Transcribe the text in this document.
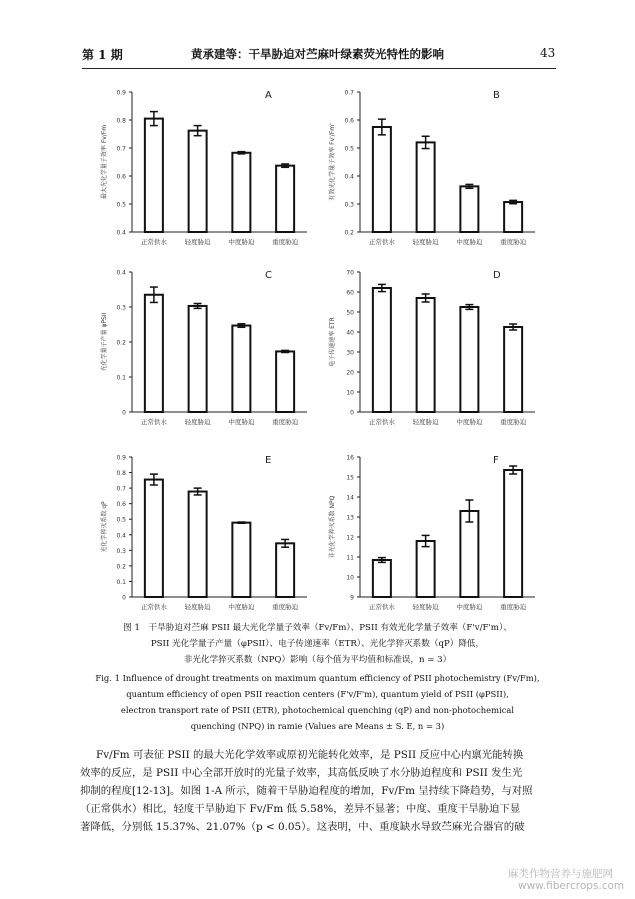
第 1 期	黄承建等：干旱胁迫对苎麻叶绿素荧光特性的影响	43
0.4
0.5
0.6
0.7
0.8
0.9	A
最大光化学量子效率 Fv/Fm
正常供水	轻度胁迫	中度胁迫	重度胁迫
0.2
0.3
0.4
0.5
0.6
0.7	B
有效光化学量子效率 Fv'/Fm'
正常供水	轻度胁迫	中度胁迫	重度胁迫
0
0.1
0.2
0.3
0.4	C
光化学量子产量 φPSII
正常供水	轻度胁迫	中度胁迫	重度胁迫
0
10
20
30
40
50
60
70	D
电子传递速率 ETR
正常供水	轻度胁迫	中度胁迫	重度胁迫
0
0.1
0.2
0.3
0.4
0.5
0.6
0.7
0.8
0.9	E
光化学猝灭系数 qP
正常供水	轻度胁迫	中度胁迫	重度胁迫
9
10
11
12
13
14
15
16	F
非光化学猝灭系数 NPQ
正常供水	轻度胁迫	中度胁迫	重度胁迫
图 1　干旱胁迫对苎麻 PSII 最大光化学量子效率（Fv/Fm）、PSII 有效光化学量子效率（F'v/F'm）、
PSII 光化学量子产量（φPSII）、电子传递速率（ETR）、光化学猝灭系数（qP）降低，
非光化学猝灭系数（NPQ）影响（每个值为平均值和标准误，n = 3）
Fig. 1 Influence of drought treatments on maximum quantum efficiency of PSII photochemistry (Fv/Fm),
quantum efficiency of open PSII reaction centers (F'v/F'm), quantum yield of PSII (φPSII),
electron transport rate of PSII (ETR), photochemical quenching (qP) and non-photochemical
quenching (NPQ) in ramie (Values are Means ± S. E, n = 3)
Fv/Fm 可表征 PSII 的最大光化学效率或原初光能转化效率，是 PSII 反应中心内禀光能转换
效率的反应，是 PSII 中心全部开放时的光量子效率，其高低反映了水分胁迫程度和 PSII 发生光
抑制的程度[12-13]。如图 1-A 所示，随着干旱胁迫程度的增加，Fv/Fm 呈持续下降趋势，与对照
（正常供水）相比，轻度干旱胁迫下 Fv/Fm 低 5.58%，差异不显著；中度、重度干旱胁迫下显
著降低，分别低 15.37%、21.07%（p < 0.05）。这表明，中、重度缺水导致苎麻光合器官的破
麻类作物营养与施肥网
www.fibercrops.com
